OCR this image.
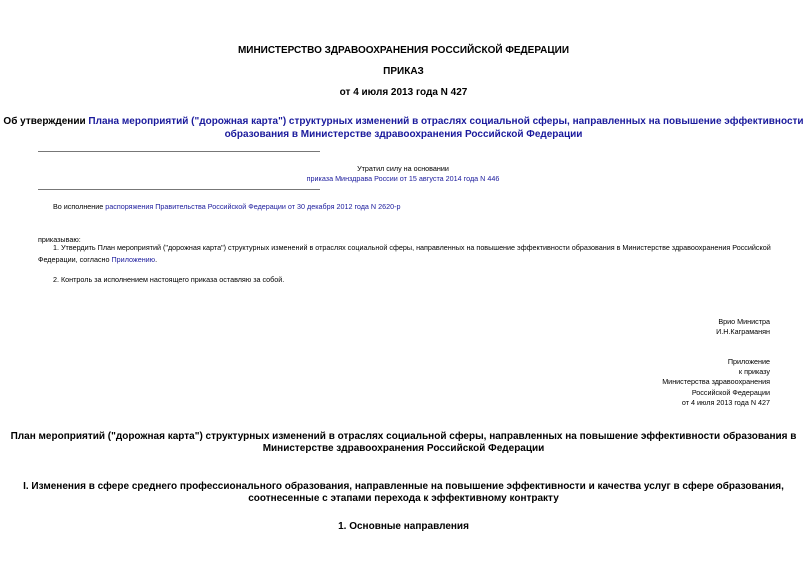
МИНИСТЕРСТВО ЗДРАВООХРАНЕНИЯ РОССИЙСКОЙ ФЕДЕРАЦИИ
ПРИКАЗ
от 4 июля 2013 года N 427
Об утверждении Плана мероприятий ("дорожная карта") структурных изменений в отраслях социальной сферы, направленных на повышение эффективности
образования в Министерстве здравоохранения Российской Федерации
Утратил силу на основании
приказа Минздрава России от 15 августа 2014 года N 446
Во исполнение распоряжения Правительства Российской Федерации от 30 декабря 2012 года N 2620-р
приказываю:
1. Утвердить План мероприятий ("дорожная карта") структурных изменений в отраслях социальной сферы, направленных на повышение эффективности образования в Министерстве здравоохранения Российской
Федерации, согласно Приложению.
2. Контроль за исполнением настоящего приказа оставляю за собой.
Врио Министра
И.Н.Каграманян
Приложение
к приказу
Министерства здравоохранения
Российской Федерации
от 4 июля 2013 года N 427
План мероприятий ("дорожная карта") структурных изменений в отраслях социальной сферы, направленных на повышение эффективности образования в
Министерстве здравоохранения Российской Федерации
I. Изменения в сфере среднего профессионального образования, направленные на повышение эффективности и качества услуг в сфере образования,
соотнесенные с этапами перехода к эффективному контракту
1. Основные направления
